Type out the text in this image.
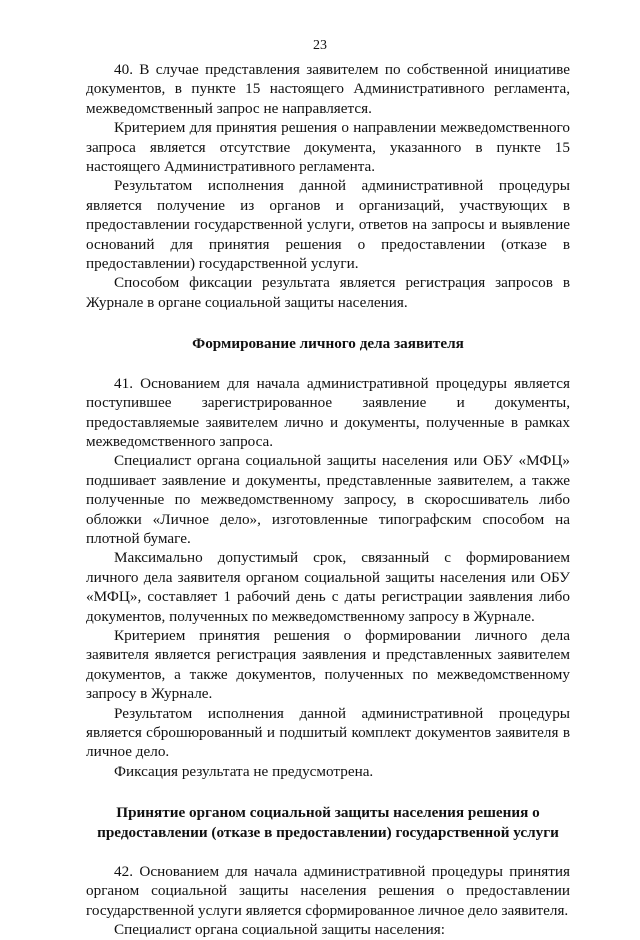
23

40. В случае представления заявителем по собственной инициативе документов, в пункте 15 настоящего Административного регламента, межведомственный запрос не направляется.

Критерием для принятия решения о направлении межведомственного запроса является отсутствие документа, указанного в пункте 15 настоящего Административного регламента.

Результатом исполнения данной административной процедуры является получение из органов и организаций, участвующих в предоставлении государственной услуги, ответов на запросы и выявление оснований для принятия решения о предоставлении (отказе в предоставлении) государственной услуги.

Способом фиксации результата является регистрация запросов в Журнале в органе социальной защиты населения.

Формирование личного дела заявителя

41. Основанием для начала административной процедуры является поступившее зарегистрированное заявление и документы, предоставляемые заявителем лично и документы, полученные в рамках межведомственного запроса.

Специалист органа социальной защиты населения или ОБУ «МФЦ» подшивает заявление и документы, представленные заявителем, а также полученные по межведомственному запросу, в скоросшиватель либо обложки «Личное дело», изготовленные типографским способом на плотной бумаге.

Максимально допустимый срок, связанный с формированием личного дела заявителя органом социальной защиты населения или ОБУ «МФЦ», составляет 1 рабочий день с даты регистрации заявления либо документов, полученных по межведомственному запросу в Журнале.

Критерием принятия решения о формировании личного дела заявителя является регистрация заявления и представленных заявителем документов, а также документов, полученных по межведомственному запросу в Журнале.

Результатом исполнения данной административной процедуры является сброшюрованный и подшитый комплект документов заявителя в личное дело.

Фиксация результата не предусмотрена.

Принятие органом социальной защиты населения решения о предоставлении (отказе в предоставлении) государственной услуги

42. Основанием для начала административной процедуры принятия органом социальной защиты населения решения о предоставлении государственной услуги является сформированное личное дело заявителя.

Специалист органа социальной защиты населения:
